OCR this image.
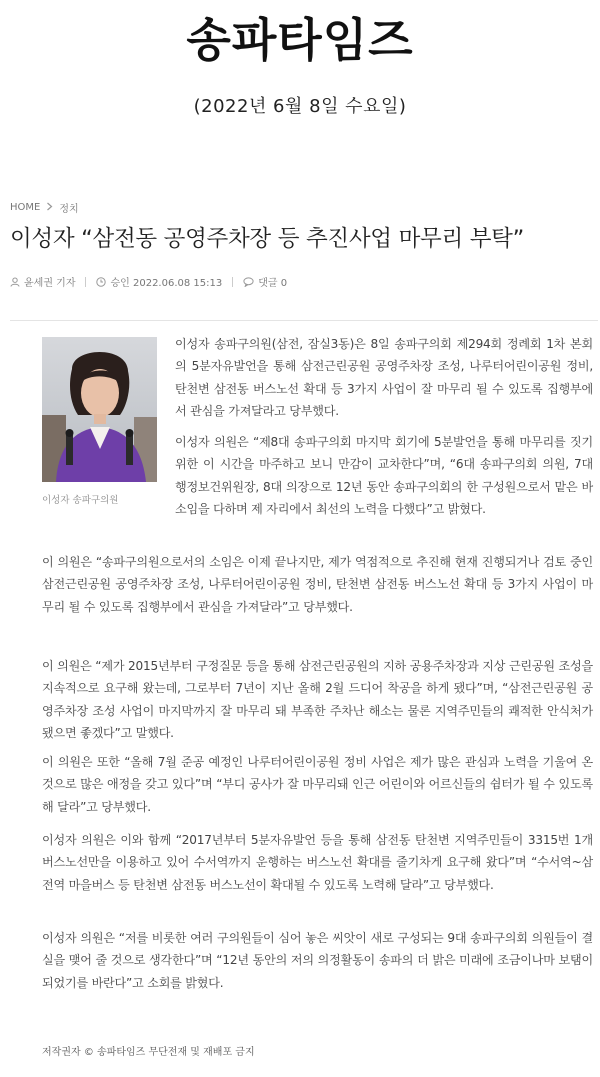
송파타임즈
(2022년 6월 8일 수요일)
HOME 정치
이성자 “삼전동 공영주차장 등 추진사업 마무리 부탁”
윤세권 기자	승인 2022.06.08 15:13	댓글 0
이성자 송파구의원

이성자 송파구의원(삼전, 잠실3동)은 8일 송파구의회 제294회 정례회 1차 본회의 5분자유발언을 통해 삼전근린공원 공영주차장 조성, 나루터어린이공원 정비, 탄천변 삼전동 버스노선 확대 등 3가지 사업이 잘 마무리 될 수 있도록 집행부에서 관심을 가져달라고 당부했다.

이성자 의원은 “제8대 송파구의회 마지막 회기에 5분발언을 통해 마무리를 짓기 위한 이 시간을 마주하고 보니 만감이 교차한다”며, “6대 송파구의회 의원, 7대 행정보건위원장, 8대 의장으로 12년 동안 송파구의회의 한 구성원으로서 맡은 바 소임을 다하며 제 자리에서 최선의 노력을 다했다”고 밝혔다.

이 의원은 “송파구의원으로서의 소임은 이제 끝나지만, 제가 역점적으로 추진해 현재 진행되거나 검토 중인 삼전근린공원 공영주차장 조성, 나루터어린이공원 정비, 탄천변 삼전동 버스노선 확대 등 3가지 사업이 마무리 될 수 있도록 집행부에서 관심을 가져달라”고 당부했다.

이 의원은 “제가 2015년부터 구정질문 등을 통해 삼전근린공원의 지하 공용주차장과 지상 근린공원 조성을 지속적으로 요구해 왔는데, 그로부터 7년이 지난 올해 2월 드디어 착공을 하게 됐다”며, “삼전근린공원 공영주차장 조성 사업이 마지막까지 잘 마무리 돼 부족한 주차난 해소는 물론 지역주민들의 쾌적한 안식처가 됐으면 좋겠다”고 말했다.

이 의원은 또한 “올해 7월 준공 예정인 나루터어린이공원 정비 사업은 제가 많은 관심과 노력을 기울여 온 것으로 많은 애정을 갖고 있다”며 “부디 공사가 잘 마무리돼 인근 어린이와 어르신들의 쉼터가 될 수 있도록 해 달라”고 당부했다.

이성자 의원은 이와 함께 “2017년부터 5분자유발언 등을 통해 삼전동 탄천변 지역주민들이 3315번 1개 버스노선만을 이용하고 있어 수서역까지 운행하는 버스노선 확대를 줄기차게 요구해 왔다”며 “수서역~삼전역 마을버스 등 탄천변 삼전동 버스노선이 확대될 수 있도록 노력해 달라”고 당부했다.

이성자 의원은 “저를 비롯한 여러 구의원들이 심어 놓은 씨앗이 새로 구성되는 9대 송파구의회 의원들이 결실을 맺어 줄 것으로 생각한다”며 “12년 동안의 저의 의정활동이 송파의 더 밝은 미래에 조금이나마 보탬이 되었기를 바란다”고 소회를 밝혔다.

저작권자 © 송파타임즈 무단전재 및 재배포 금지
